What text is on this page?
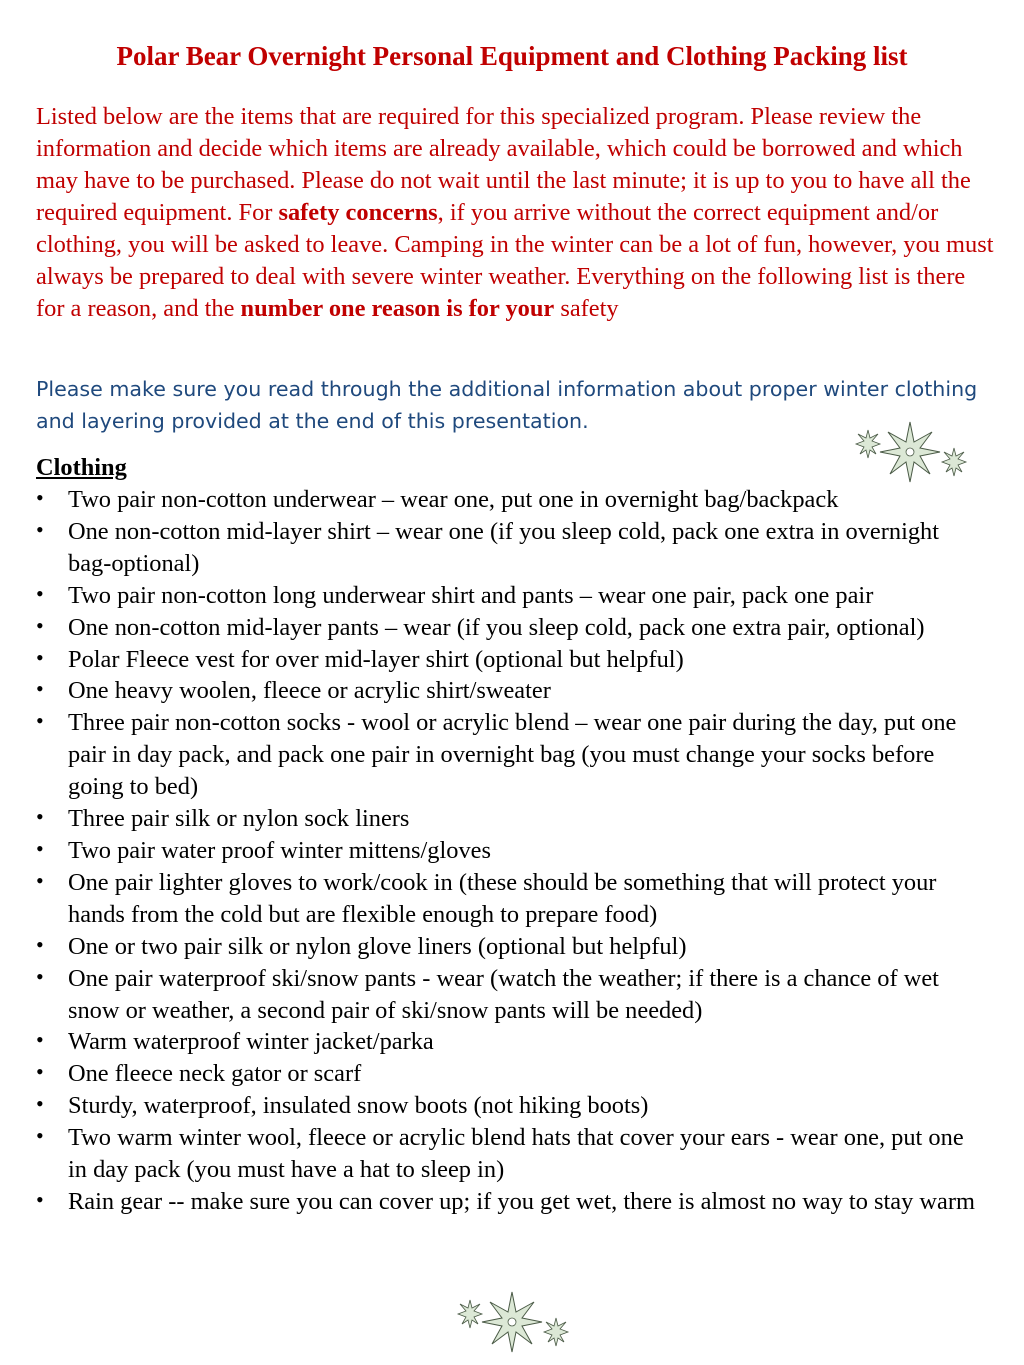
Polar Bear Overnight Personal Equipment and Clothing Packing list

Listed below are the items that are required for this specialized program. Please review the information and decide which items are already available, which could be borrowed and which may have to be purchased. Please do not wait until the last minute; it is up to you to have all the required equipment. For safety concerns, if you arrive without the correct equipment and/or clothing, you will be asked to leave. Camping in the winter can be a lot of fun, however, you must always be prepared to deal with severe winter weather. Everything on the following list is there for a reason, and the number one reason is for your safety

Please make sure you read through the additional information about proper winter clothing and layering provided at the end of this presentation.

Clothing
• Two pair non-cotton underwear – wear one, put one in overnight bag/backpack
• One non-cotton mid-layer shirt – wear one (if you sleep cold, pack one extra in overnight bag-optional)
• Two pair non-cotton long underwear shirt and pants – wear one pair, pack one pair
• One non-cotton mid-layer pants – wear (if you sleep cold, pack one extra pair, optional)
• Polar Fleece vest for over mid-layer shirt (optional but helpful)
• One heavy woolen, fleece or acrylic shirt/sweater
• Three pair non-cotton socks - wool or acrylic blend – wear one pair during the day, put one pair in day pack, and pack one pair in overnight bag (you must change your socks before going to bed)
• Three pair silk or nylon sock liners
• Two pair water proof winter mittens/gloves
• One pair lighter gloves to work/cook in (these should be something that will protect your hands from the cold but are flexible enough to prepare food)
• One or two pair silk or nylon glove liners (optional but helpful)
• One pair waterproof ski/snow pants - wear (watch the weather; if there is a chance of wet snow or weather, a second pair of ski/snow pants will be needed)
• Warm waterproof winter jacket/parka
• One fleece neck gator or scarf
• Sturdy, waterproof, insulated snow boots (not hiking boots)
• Two warm winter wool, fleece or acrylic blend hats that cover your ears - wear one, put one in day pack (you must have a hat to sleep in)
• Rain gear -- make sure you can cover up; if you get wet, there is almost no way to stay warm
